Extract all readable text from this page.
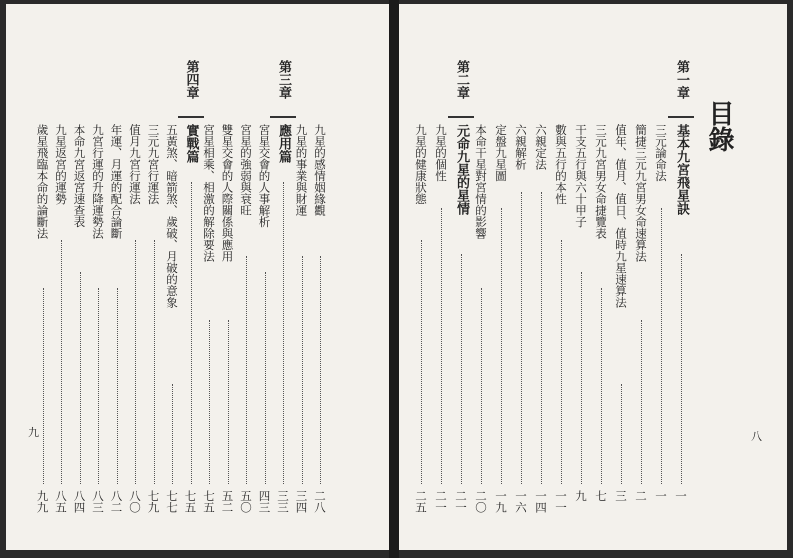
九
九星的感情姻緣觀
二八
九星的事業與財運
三四
第三章
應用篇
三三
宮星交會的人事解析
四三
宮星的強弱與衰旺
五〇
雙星交會的人際關係與應用
五二
宮星相乘、相激的解除要法
七五
第四章
實戰篇
七五
五黃煞、暗箭煞、歲破、月破的意象
七七
三元九宮行運法
七九
值月九宮行運法
八〇
年運、月運的配合論斷
八二
九宮行運的升降運勢法
八三
本命九宮返宮速查表
八四
九星返宮的運勢
八五
歲星飛臨本命的論斷法
九九
目錄
八
第一章
基本九宮飛星訣
一
三元論命法
一
簡捷三元九宮男女命速算法
二
值年、值月、值日、值時九星速算法
三
三元九宮男女命捷覽表
七
干支五行與六十甲子
九
數與五行的本性
一一
六親定法
一四
六親解析
一六
定盤九星圖
一九
本命干星對宮情的影響
二〇
第二章
元命九星的星情
二一
九星的個性
二一
九星的健康狀態
二五
